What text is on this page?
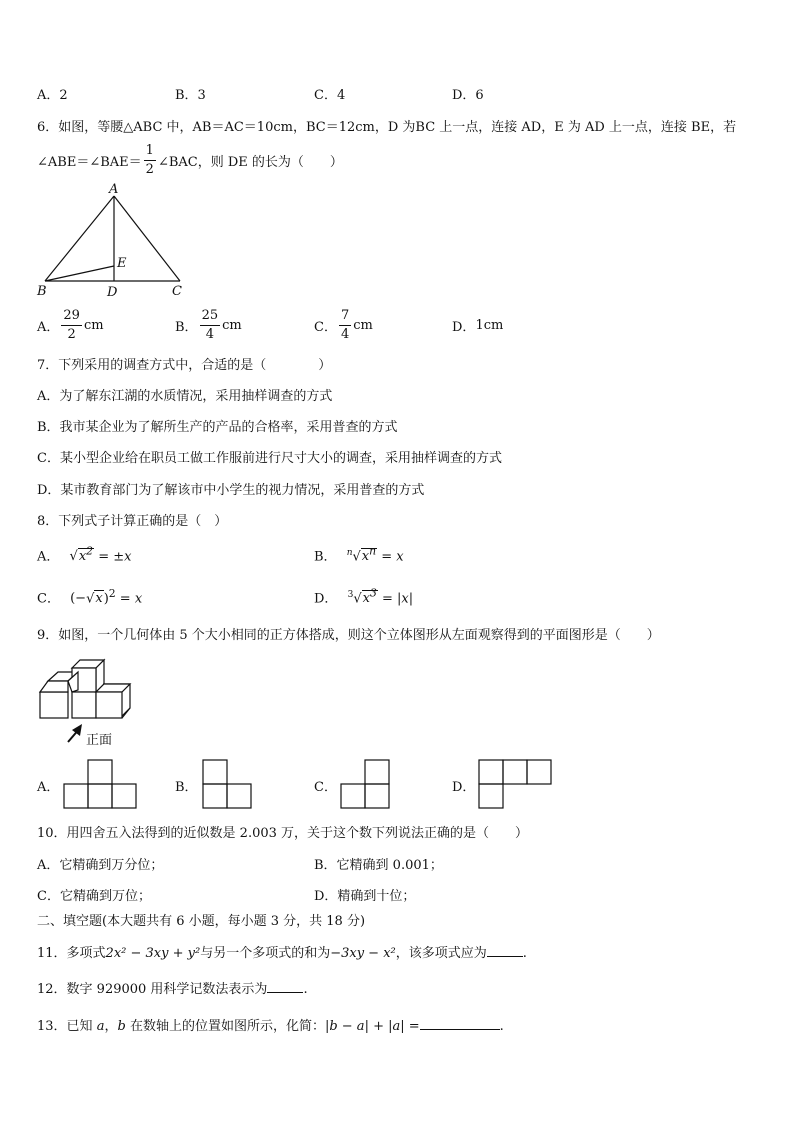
A．2	B．3	C．4	D．6
6．如图，等腰△ABC 中，AB＝AC＝10cm，BC＝12cm，D 为BC 上一点，连接 AD，E 为 AD 上一点，连接 BE，若
∠ABE＝∠BAE＝ $\frac{1}{2}$ ∠BAC，则 DE 的长为（　　）
A
B	C
D
E
A． $\frac{29}{2}$ cm	B． $\frac{25}{4}$ cm	C． $\frac{7}{4}$ cm	D． 1cm
7．下列采用的调查方式中，合适的是（　　　　）
A．为了解东江湖的水质情况，采用抽样调查的方式
B．我市某企业为了解所生产的产品的合格率，采用普查的方式
C．某小型企业给在职员工做工作服前进行尺寸大小的调查，采用抽样调查的方式
D．某市教育部门为了解该市中小学生的视力情况，采用普查的方式
8．下列式子计算正确的是（　）
A． $√x^2 = \pm x$	B． $^n√x^n = x$
C． $(-√x)^2 = x$	D． $^3√x^3 = |x|$
9．如图，一个几何体由 5 个大小相同的正方体搭成，则这个立体图形从左面观察得到的平面图形是（　　）
正面
A．	B．	C．	D．
10．用四舍五入法得到的近似数是 2.003 万，关于这个数下列说法正确的是（　　）
A．它精确到万分位；	B．它精确到 0.001；
C．它精确到万位；	D．精确到十位；
二、填空题(本大题共有 6 小题，每小题 3 分，共 18 分)
11．多项式2x² − 3xy + y²与另一个多项式的和为−3xy − x²，该多项式应为	.
12．数字 929000 用科学记数法表示为	.
13．已知 a，b 在数轴上的位置如图所示，化简：|b − a| + |a| =	.
